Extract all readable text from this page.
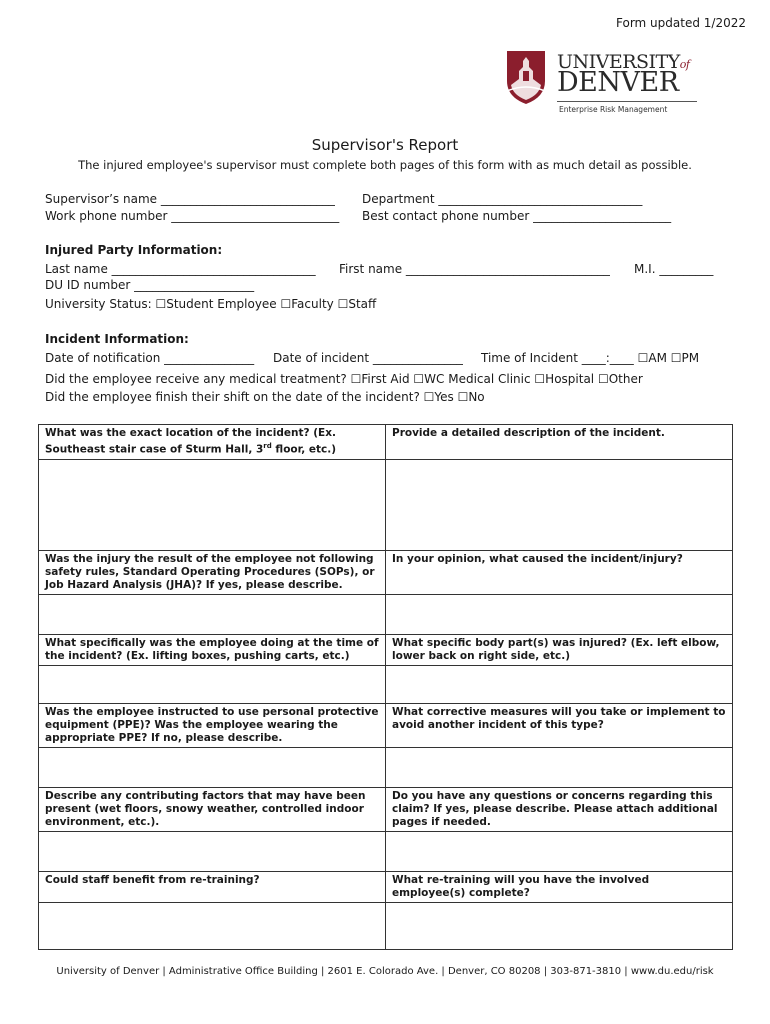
Form updated 1/2022
UNIVERSITYof
DENVER
Enterprise Risk Management
Supervisor's Report
The injured employee's supervisor must complete both pages of this form with as much detail as possible.
Supervisor’s name _____________________________ Department __________________________________
Work phone number ____________________________ Best contact phone number _______________________
Injured Party Information:
Last name __________________________________ First name __________________________________ M.I. _________
DU ID number ____________________
University Status: ☐Student Employee ☐Faculty ☐Staff
Incident Information:
Date of notification _______________ Date of incident _______________ Time of Incident ____:____ ☐AM ☐PM
Did the employee receive any medical treatment? ☐First Aid ☐WC Medical Clinic ☐Hospital ☐Other
Did the employee finish their shift on the date of the incident? ☐Yes ☐No
What was the exact location of the incident? (Ex. Southeast stair case of Sturm Hall, 3rd floor, etc.)	Provide a detailed description of the incident.

Was the injury the result of the employee not following safety rules, Standard Operating Procedures (SOPs), or Job Hazard Analysis (JHA)? If yes, please describe.	In your opinion, what caused the incident/injury?

What specifically was the employee doing at the time of the incident? (Ex. lifting boxes, pushing carts, etc.)	What specific body part(s) was injured? (Ex. left elbow, lower back on right side, etc.)

Was the employee instructed to use personal protective equipment (PPE)? Was the employee wearing the appropriate PPE? If no, please describe.	What corrective measures will you take or implement to avoid another incident of this type?

Describe any contributing factors that may have been present (wet floors, snowy weather, controlled indoor environment, etc.).	Do you have any questions or concerns regarding this claim? If yes, please describe. Please attach additional pages if needed.

Could staff benefit from re-training?	What re-training will you have the involved employee(s) complete?

University of Denver | Administrative Office Building | 2601 E. Colorado Ave. | Denver, CO 80208 | 303-871-3810 | www.du.edu/risk
